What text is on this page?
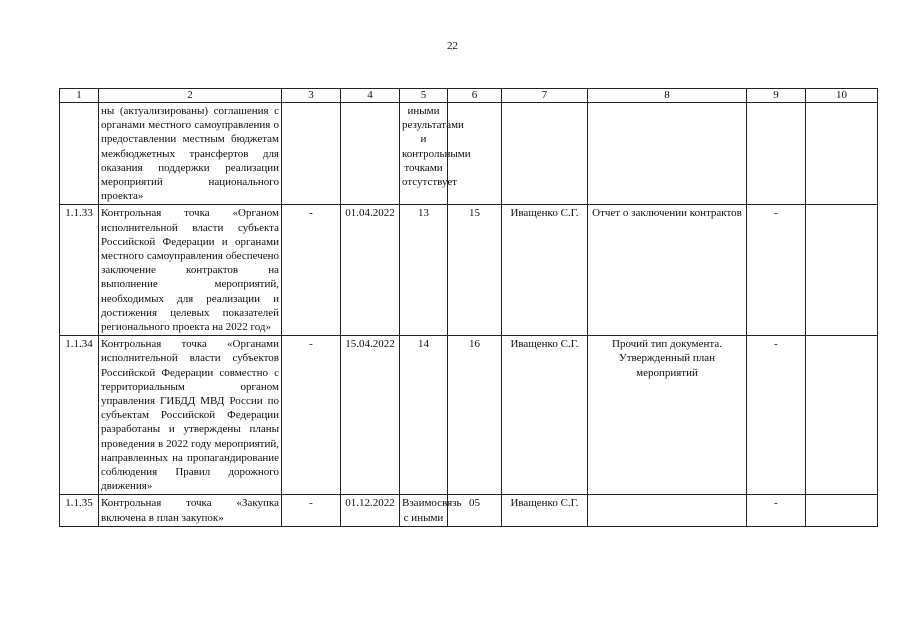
22
1	2	3	4	5	6	7	8	9	10
	ны (актуализированы) соглашения с органами местного самоуправления о предоставлении местным бюджетам межбюджетных трансфертов для оказания поддержки реализации мероприятий национального проекта»			иными результатами и контрольными точками отсутствует					
1.1.33	Контрольная точка «Органом исполнительной власти субъекта Российской Федерации и органами местного самоуправления обеспечено заключение контрактов на выполнение мероприятий, необходимых для реализации и достижения целевых показателей регионального проекта на 2022 год»	-	01.04.2022	13	15	Иващенко С.Г.	Отчет о заключении контрактов	-	
1.1.34	Контрольная точка «Органами исполнительной власти субъектов Российской Федерации совместно с территориальным органом управления ГИБДД МВД России по субъектам Российской Федерации разработаны и утверждены планы проведения в 2022 году мероприятий, направленных на пропагандирование соблюдения Правил дорожного движения»	-	15.04.2022	14	16	Иващенко С.Г.	Прочий тип документа. Утвержденный план мероприятий	-	
1.1.35	Контрольная точка «Закупка включена в план закупок»	-	01.12.2022	Взаимосвязь с иными	05	Иващенко С.Г.		-	
